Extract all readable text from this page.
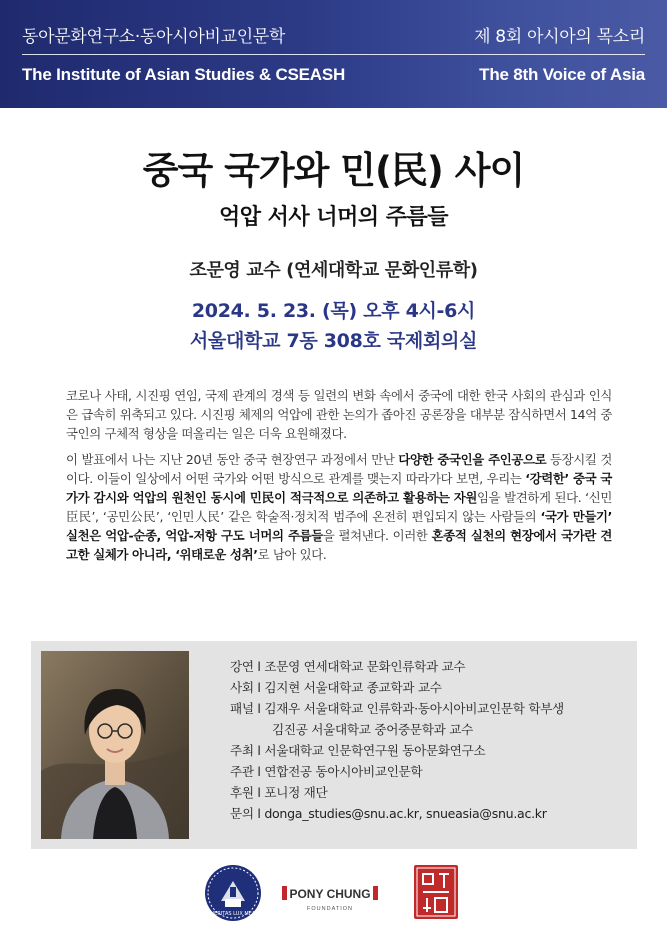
동아문화연구소·동아시아비교인문학	제 8회 아시아의 목소리
The Institute of Asian Studies & CSEASH	The 8th Voice of Asia
중국 국가와 민(民) 사이
억압 서사 너머의 주름들
조문영 교수 (연세대학교 문화인류학)
2024. 5. 23. (목) 오후 4시-6시
서울대학교 7동 308호 국제회의실

코로나 사태, 시진핑 연임, 국제 관계의 경색 등 일련의 변화 속에서 중국에 대한 한국 사회의 관심과 인식은 급속히 위축되고 있다. 시진핑 체제의 억압에 관한 논의가 좁아진 공론장을 대부분 잠식하면서 14억 중국인의 구체적 형상을 떠올리는 일은 더욱 요원해졌다.

이 발표에서 나는 지난 20년 동안 중국 현장연구 과정에서 만난 다양한 중국인을 주인공으로 등장시킬 것이다. 이들이 일상에서 어떤 국가와 어떤 방식으로 관계를 맺는지 따라가다 보면, 우리는 ‘강력한’ 중국 국가가 감시와 억압의 원천인 동시에 민民이 적극적으로 의존하고 활용하는 자원임을 발견하게 된다. ‘신민臣民’, ‘공민公民’, ‘인민人民’ 같은 학술적·정치적 범주에 온전히 편입되지 않는 사람들의 ‘국가 만들기’ 실천은 억압-순종, 억압-저항 구도 너머의 주름들을 펼쳐낸다. 이러한 혼종적 실천의 현장에서 국가란 견고한 실체가 아니라, ‘위태로운 성취’로 남아 있다.

강연 l 조문영 연세대학교 문화인류학과 교수
사회 l 김지현 서울대학교 종교학과 교수
패널 l 김재우 서울대학교 인류학과·동아시아비교인문학 학부생
김진공 서울대학교 중어중문학과 교수
주최 l 서울대학교 인문학연구원 동아문화연구소
주관 l 연합전공 동아시아비교인문학
후원 l 포니정 재단
문의 l donga_studies@snu.ac.kr, snueasia@snu.ac.kr
VERITAS LUX MEA
PONY CHUNG
FOUNDATION
